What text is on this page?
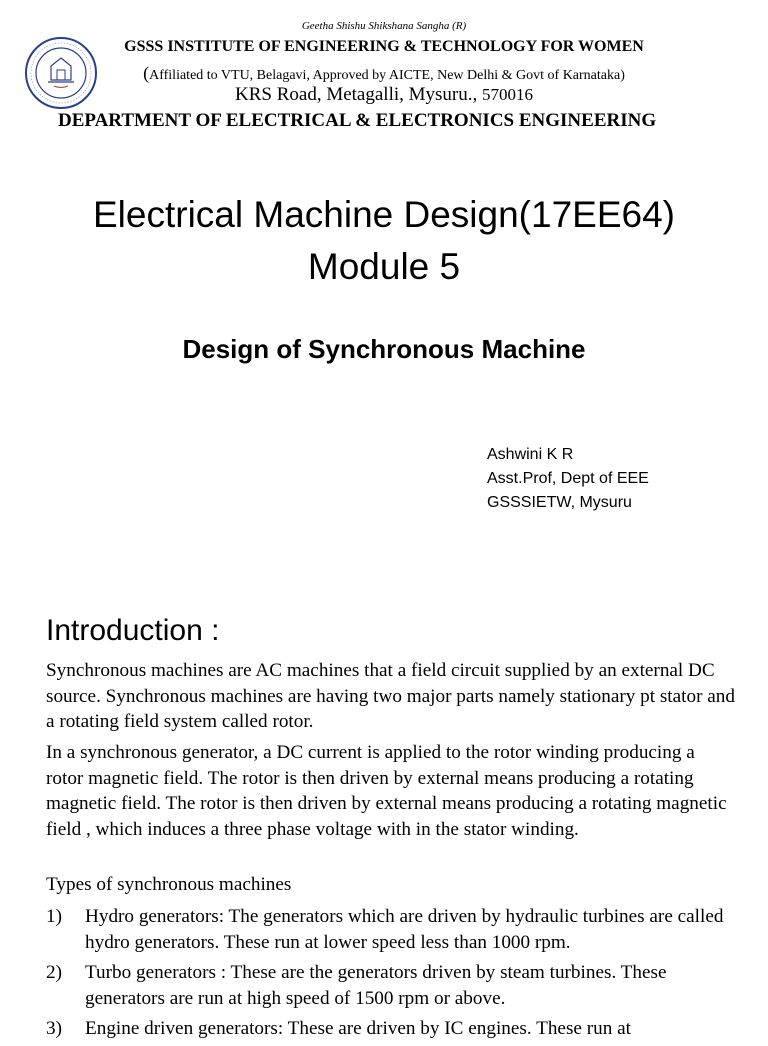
Geetha Shishu Shikshana Sangha (R)
GSSS INSTITUTE OF ENGINEERING & TECHNOLOGY FOR WOMEN
(Affiliated to VTU, Belagavi, Approved by AICTE, New Delhi & Govt of Karnataka)
KRS Road, Metagalli, Mysuru., 570016
DEPARTMENT OF ELECTRICAL & ELECTRONICS ENGINEERING
Electrical Machine Design(17EE64)
Module 5
Design of Synchronous Machine
Ashwini K R
Asst.Prof, Dept of EEE
GSSSIETW, Mysuru
Introduction :
Synchronous machines are AC machines that a field circuit supplied by an external DC source. Synchronous machines are having two major parts namely stationary pt stator and a rotating field system called rotor.
In a synchronous generator, a DC current is applied to the rotor winding producing a rotor magnetic field. The rotor is then driven by external means producing a rotating magnetic field. The rotor is then driven by external means producing a rotating magnetic field , which induces a three phase voltage with in the stator winding.
Types of synchronous machines
1) Hydro generators: The generators which are driven by hydraulic turbines are called hydro generators. These run at lower speed less than 1000 rpm.
2) Turbo generators : These are the generators driven by steam turbines. These generators are run at high speed of 1500 rpm or above.
3) Engine driven generators: These are driven by IC engines. These run at
